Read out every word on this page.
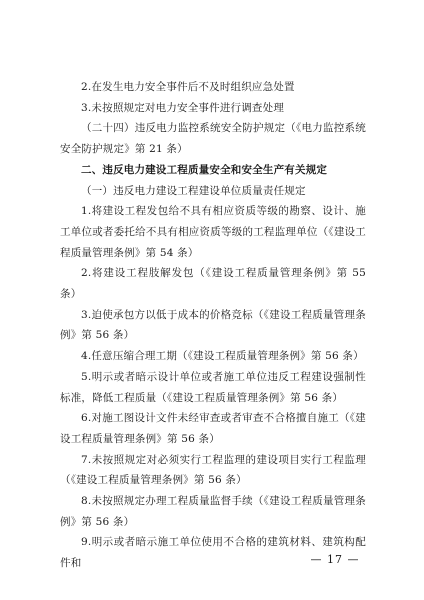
2.在发生电力安全事件后不及时组织应急处置

3.未按照规定对电力安全事件进行调查处理

（二十四）违反电力监控系统安全防护规定（《电力监控系统安全防护规定》第 21 条）

二、违反电力建设工程质量安全和安全生产有关规定

（一）违反电力建设工程建设单位质量责任规定

1.将建设工程发包给不具有相应资质等级的勘察、设计、施工单位或者委托给不具有相应资质等级的工程监理单位（《建设工程质量管理条例》第 54 条）

2.将建设工程肢解发包（《建设工程质量管理条例》第 55 条）

3.迫使承包方以低于成本的价格竞标（《建设工程质量管理条例》第 56 条）

4.任意压缩合理工期（《建设工程质量管理条例》第 56 条）

5.明示或者暗示设计单位或者施工单位违反工程建设强制性标准，降低工程质量（《建设工程质量管理条例》第 56 条）

6.对施工图设计文件未经审查或者审查不合格擅自施工（《建设工程质量管理条例》第 56 条）

7.未按照规定对必须实行工程监理的建设项目实行工程监理（《建设工程质量管理条例》第 56 条）

8.未按照规定办理工程质量监督手续（《建设工程质量管理条例》第 56 条）

9.明示或者暗示施工单位使用不合格的建筑材料、建筑构配件和	— 17 —
